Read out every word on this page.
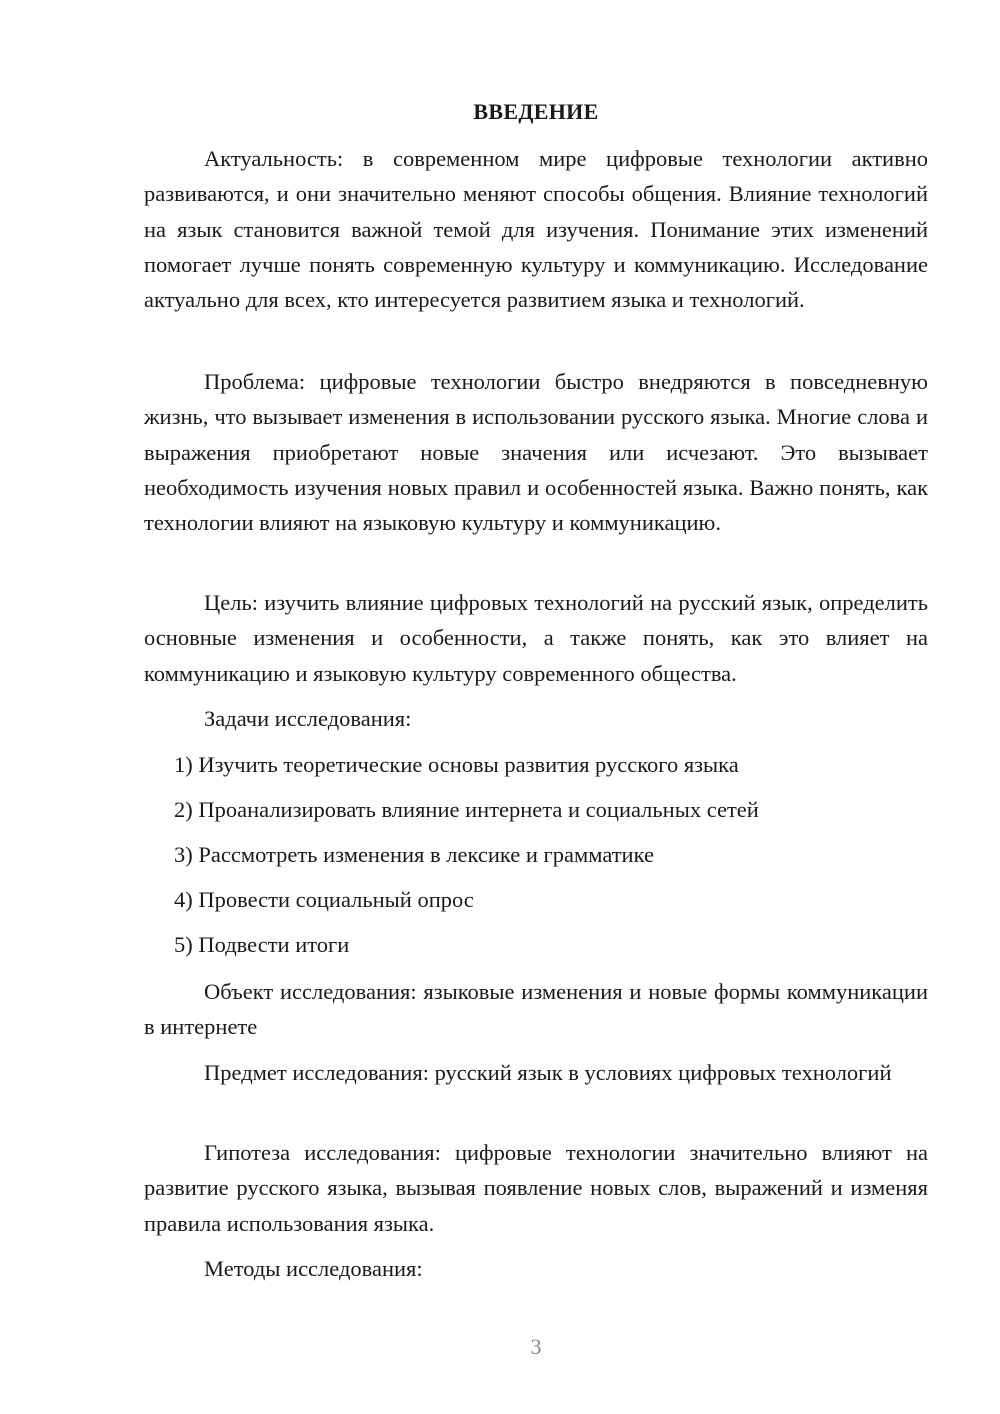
ВВЕДЕНИЕ

Актуальность: в современном мире цифровые технологии активно развиваются, и они значительно меняют способы общения. Влияние технологий на язык становится важной темой для изучения. Понимание этих изменений помогает лучше понять современную культуру и коммуникацию. Исследование актуально для всех, кто интересуется развитием языка и технологий.

Проблема: цифровые технологии быстро внедряются в повседневную жизнь, что вызывает изменения в использовании русского языка. Многие слова и выражения приобретают новые значения или исчезают. Это вызывает необходимость изучения новых правил и особенностей языка. Важно понять, как технологии влияют на языковую культуру и коммуникацию.

Цель: изучить влияние цифровых технологий на русский язык, определить основные изменения и особенности, а также понять, как это влияет на коммуникацию и языковую культуру современного общества.

Задачи исследования:

1) Изучить теоретические основы развития русского языка

2) Проанализировать влияние интернета и социальных сетей

3) Рассмотреть изменения в лексике и грамматике

4) Провести социальный опрос

5) Подвести итоги

Объект исследования: языковые изменения и новые формы коммуникации в интернете

Предмет исследования: русский язык в условиях цифровых технологий

Гипотеза исследования: цифровые технологии значительно влияют на развитие русского языка, вызывая появление новых слов, выражений и изменяя правила использования языка.

Методы исследования:

3
